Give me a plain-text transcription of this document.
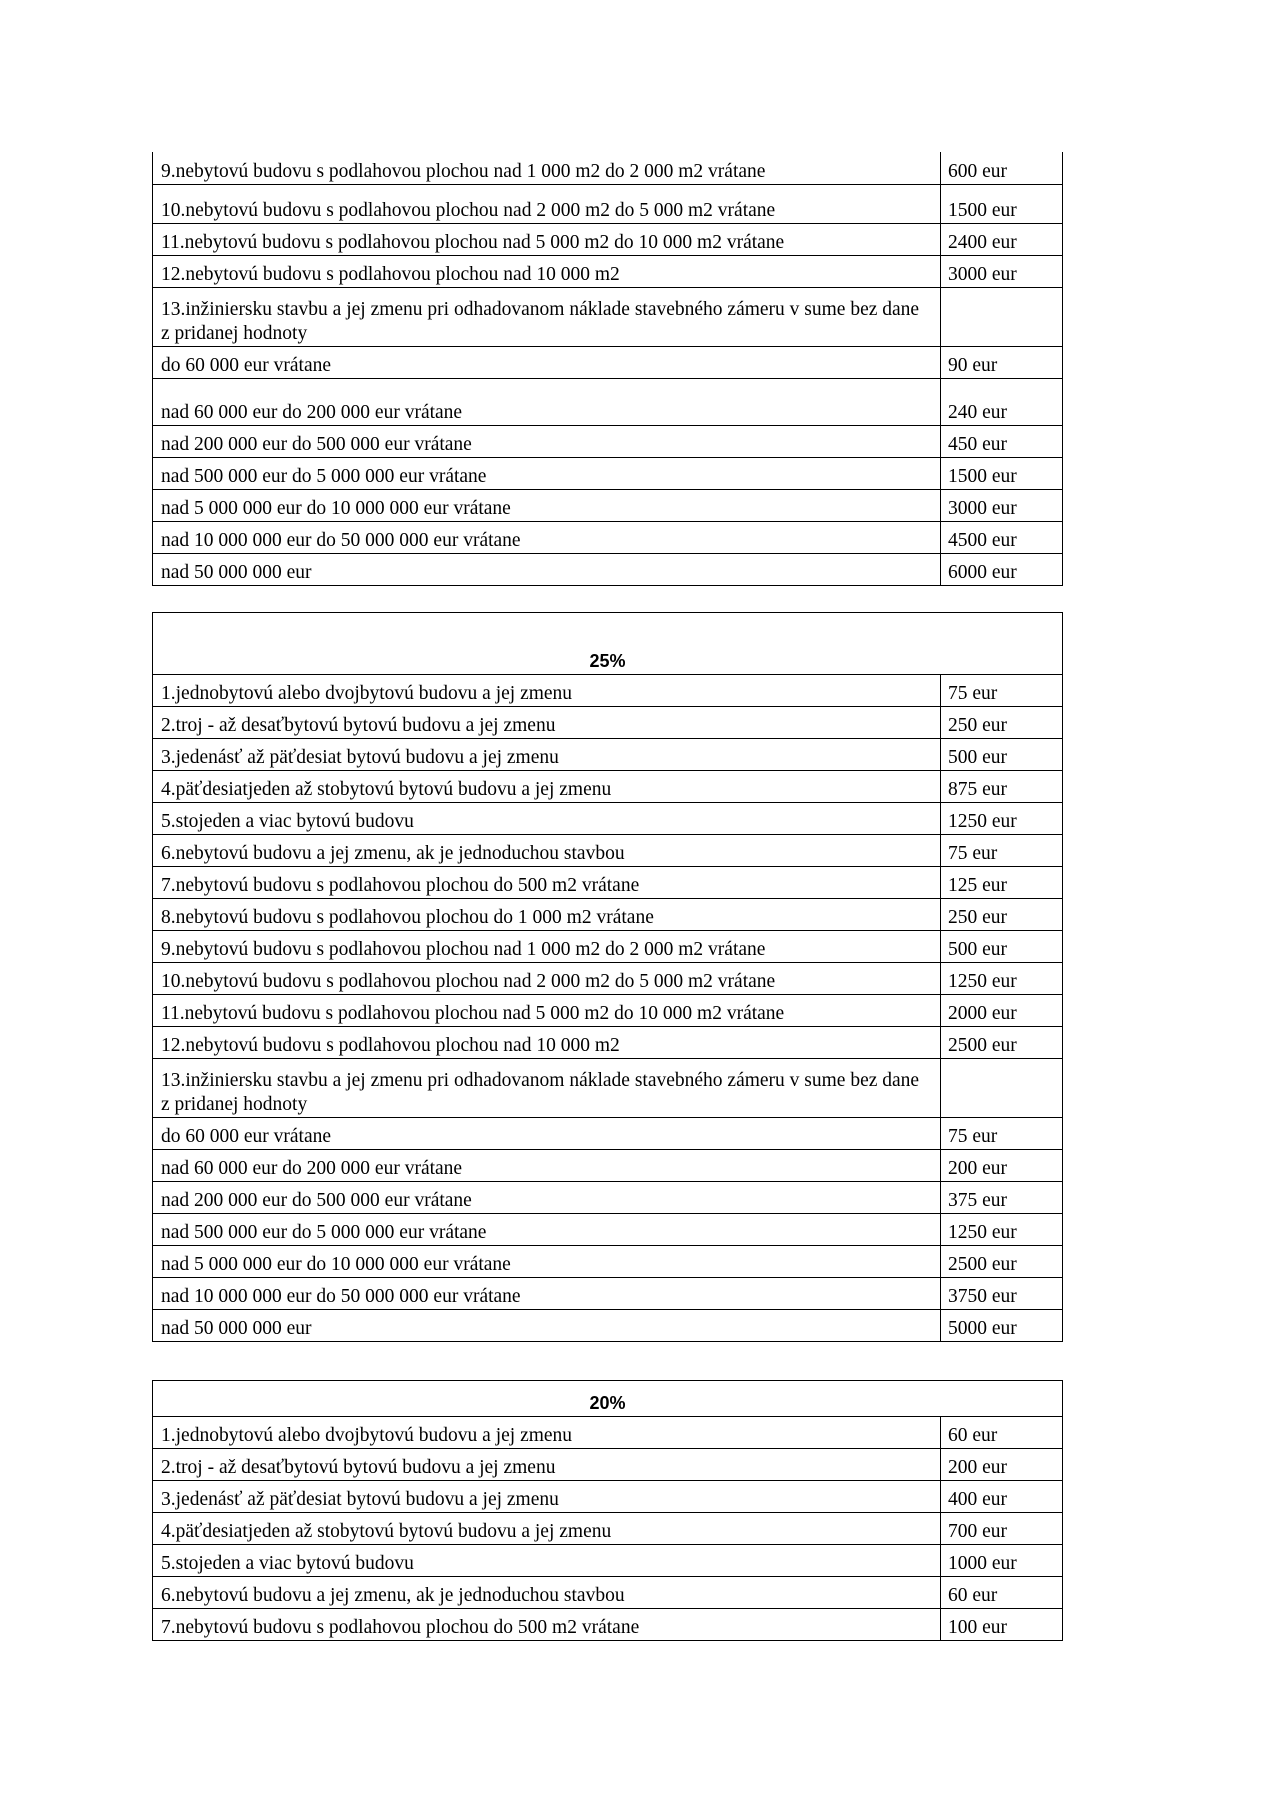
9.nebytovú budovu s podlahovou plochou nad 1 000 m2 do 2 000 m2 vrátane	600 eur
10.nebytovú budovu s podlahovou plochou nad 2 000 m2 do 5 000 m2 vrátane	1500 eur
11.nebytovú budovu s podlahovou plochou nad 5 000 m2 do 10 000 m2 vrátane	2400 eur
12.nebytovú budovu s podlahovou plochou nad 10 000 m2	3000 eur
13.inžiniersku stavbu a jej zmenu pri odhadovanom náklade stavebného zámeru v sume bez dane z pridanej hodnoty	
do 60 000 eur vrátane	90 eur
nad 60 000 eur do 200 000 eur vrátane	240 eur
nad 200 000 eur do 500 000 eur vrátane	450 eur
nad 500 000 eur do 5 000 000 eur vrátane	1500 eur
nad 5 000 000 eur do 10 000 000 eur vrátane	3000 eur
nad 10 000 000 eur do 50 000 000 eur vrátane	4500 eur
nad 50 000 000 eur	6000 eur
25%	
1.jednobytovú alebo dvojbytovú budovu a jej zmenu	75 eur
2.troj - až desaťbytovú bytovú budovu a jej zmenu	250 eur
3.jedenásť až päťdesiat bytovú budovu a jej zmenu	500 eur
4.päťdesiatjeden až stobytovú bytovú budovu a jej zmenu	875 eur
5.stojeden a viac bytovú budovu	1250 eur
6.nebytovú budovu a jej zmenu, ak je jednoduchou stavbou	75 eur
7.nebytovú budovu s podlahovou plochou do 500 m2 vrátane	125 eur
8.nebytovú budovu s podlahovou plochou do 1 000 m2 vrátane	250 eur
9.nebytovú budovu s podlahovou plochou nad 1 000 m2 do 2 000 m2 vrátane	500 eur
10.nebytovú budovu s podlahovou plochou nad 2 000 m2 do 5 000 m2 vrátane	1250 eur
11.nebytovú budovu s podlahovou plochou nad 5 000 m2 do 10 000 m2 vrátane	2000 eur
12.nebytovú budovu s podlahovou plochou nad 10 000 m2	2500 eur
13.inžiniersku stavbu a jej zmenu pri odhadovanom náklade stavebného zámeru v sume bez dane z pridanej hodnoty	
do 60 000 eur vrátane	75 eur
nad 60 000 eur do 200 000 eur vrátane	200 eur
nad 200 000 eur do 500 000 eur vrátane	375 eur
nad 500 000 eur do 5 000 000 eur vrátane	1250 eur
nad 5 000 000 eur do 10 000 000 eur vrátane	2500 eur
nad 10 000 000 eur do 50 000 000 eur vrátane	3750 eur
nad 50 000 000 eur	5000 eur
20%	
1.jednobytovú alebo dvojbytovú budovu a jej zmenu	60 eur
2.troj - až desaťbytovú bytovú budovu a jej zmenu	200 eur
3.jedenásť až päťdesiat bytovú budovu a jej zmenu	400 eur
4.päťdesiatjeden až stobytovú bytovú budovu a jej zmenu	700 eur
5.stojeden a viac bytovú budovu	1000 eur
6.nebytovú budovu a jej zmenu, ak je jednoduchou stavbou	60 eur
7.nebytovú budovu s podlahovou plochou do 500 m2 vrátane	100 eur
